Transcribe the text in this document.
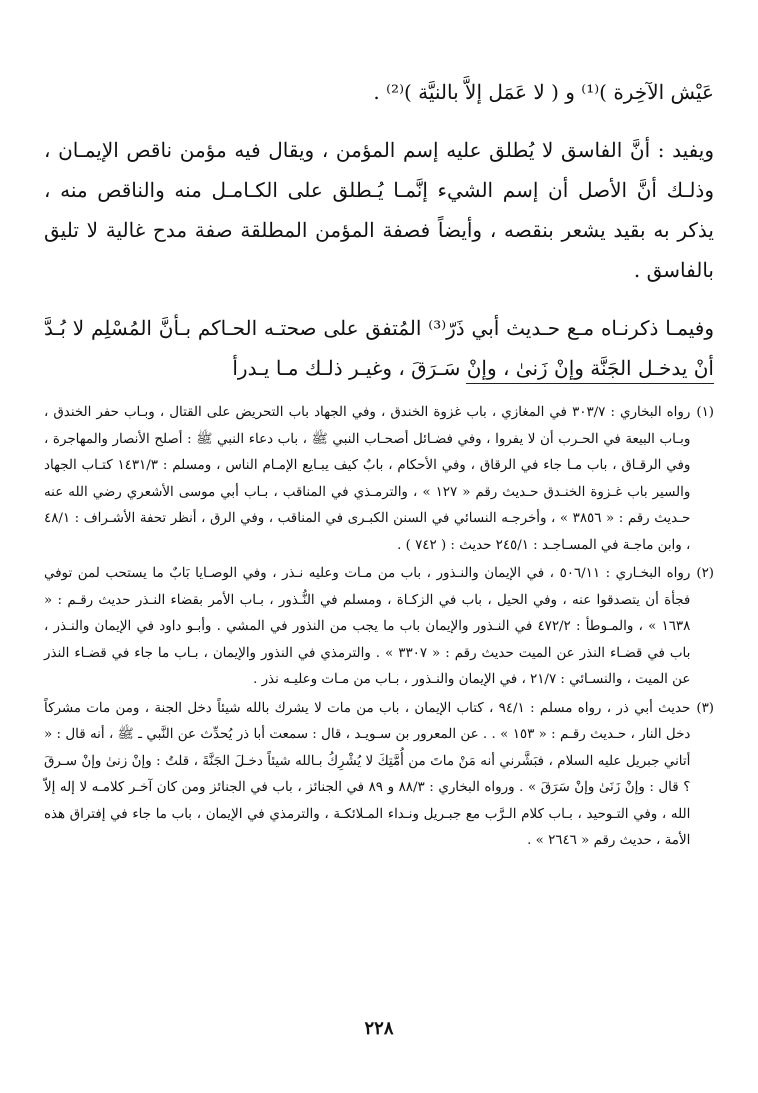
عَيْش الآخِرة )⁽¹⁾ و ( لا عَمَل إلاَّ بالنيَّة )⁽²⁾ .

ويفيد : أنَّ الفاسق لا يُطلق عليه إسم المؤمن ، ويقال فيه مؤمن ناقص الإيمـان ، وذلـك أنَّ الأصل أن إسم الشيء إنَّمـا يُـطلق على الكـامـل منه والناقص منه ، يذكر به بقيد يشعر بنقصه ، وأيضاً فصفة المؤمن المطلقة صفة مدح غالية لا تليق بالفاسق .

وفيمـا ذكرنـاه مـع حـديث أبي ذَرّ⁽³⁾ المُتفق على صحتـه الحـاكم بـأنَّ المُسْلِم لا بُـدَّ أنْ يدخـل الجَنَّة وإنْ زَنىٰ ، وإنْ سَـرَقَ ، وغيـر ذلـك مـا يـدرأ

(١)
رواه البخاري : ٣٠٣/٧ في المغازي ، باب غزوة الخندق ، وفي الجهاد باب التحريض على القتال ، وبـاب حفر الخندق ، وبـاب البيعة في الحـرب أن لا يفروا ، وفي فضـائل أصحـاب النبي ﷺ ، باب دعاء النبي ﷺ : أصلح الأنصار والمهاجرة ، وفي الرقـاق ، باب مـا جاء في الرقاق ، وفي الأحكام ، بابٌ كيف يبـايع الإمـام الناس ، ومسلم : ١٤٣١/٣ كتـاب الجهاد والسير باب غـزوة الخنـدق حـديث رقم « ١٢٧ » ، والترمـذي في المناقب ، بـاب أبي موسى الأشعري رضي الله عنه حـديث رقم : « ٣٨٥٦ » ، وأخرجـه النسائي في السنن الكبـرى في المناقب ، وفي الرق ، أنظر تحفة الأشـراف : ٤٨/١ ، وابن ماجـة في المسـاجـد : ٢٤٥/١ حديث : ( ٧٤٢ ) .
(٢)
رواه البخـاري : ٥٠٦/١١ ، في الإيمان والنـذور ، باب من مـات وعليه نـذر ، وفي الوصـايا بَابٌ ما يستحب لمن توفي فجأة أن يتصدقوا عنه ، وفي الحيل ، باب في الزكـاة ، ومسلم في النُّـذور ، بـاب الأمر بقضاء النـذر حديث رقـم : « ١٦٣٨ » ، والمـوطأ : ٤٧٢/٢ في النـذور والإيمان باب ما يجب من النذور في المشي . وأبـو داود في الإيمان والنـذر ، باب في قضـاء النذر عن الميت حديث رقم : « ٣٣٠٧ » . والترمذي في النذور والإيمان ، بـاب ما جاء في قضـاء النذر عن الميت ، والنسـائي : ٢١/٧ ، في الإيمان والنـذور ، بـاب من مـات وعليـه نذر .
(٣)
حديث أبي ذر ، رواه مسلم : ٩٤/١ ، كتاب الإيمان ، باب من مات لا يشرك بالله شيئاً دخل الجنة ، ومن مات مشركاً دخل النار ، حـديث رقـم : « ١٥٣ » . . عن المعرور بن سـويـد ، قال : سمعت أبا ذر يُحدِّث عن النَّبي ـ ﷺ ، أنه قال : « أتاني جبريل عليه السلام ، فبَشَّرني أنه مَنْ ماتَ من أُمَّتِكَ لا يُشْرِكُ بـالله شيئاً دخـلَ الجَنَّةَ ، قلتُ : وإنْ زنىٰ وإنْ سـرقَ ؟ قال : وإنْ زَنَىٰ وإنْ سَرَقَ » . ورواه البخاري : ٨٨/٣ و ٨٩ في الجنائز ، باب في الجنائز ومن كان آخـر كلامـه لا إله إلاّ الله ، وفي التـوحيد ، بـاب كلام الـرَّب مع جبـريل ونـداء المـلائكـة ، والترمذي في الإيمان ، باب ما جاء في إفتراق هذه الأمة ، حديث رقم « ٢٦٤٦ » .
٢٢٨
